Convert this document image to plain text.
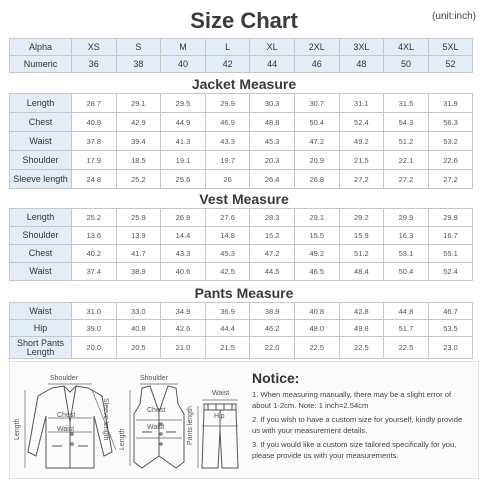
Size Chart	(unit:inch)
Alpha	XS	S	M	L	XL	2XL	3XL	4XL	5XL
Numeric	36	38	40	42	44	46	48	50	52
Jacket Measure
Length	28.7	29.1	29.5	29.9	30.3	30.7	31.1	31.5	31.9
Chest	40.9	42.9	44.9	46.9	48.8	50.4	52.4	54.3	56.3
Waist	37.8	39.4	41.3	43.3	45.3	47.2	49.2	51.2	53.2
Shoulder	17.9	18.5	19.1	19.7	20.3	20.9	21.5	22.1	22.6
Sleeve length	24.8	25.2	25.6	26	26.4	26.8	27.2	27.2	27.2
Vest Measure
Length	25.2	25.9	26.8	27.6	28.3	29.1	29.2	29.9	29.9
Shoulder	13.6	13.9	14.4	14.8	15.2	15.5	15.9	16.3	16.7
Chest	40.2	41.7	43.3	45.3	47.2	49.2	51.2	53.1	55.1
Waist	37.4	38.9	40.6	42.5	44.5	46.5	48.4	50.4	52.4
Pants Measure
Waist	31.0	33.0	34.9	36.9	38.9	40.8	42.8	44.8	46.7
Hip	39.0	40.8	42.6	44.4	46.2	48.0	49.8	51.7	53.5
Short Pants Length	20.0	20.5	21.0	21.5	22.0	22.5	22.5	22.5	23.0
Shoulder
Chest
Waist
Length	Sleeve length
Shoulder
Chest
Waist
Length
Waist
Hip
Pants length
Notice:
1. When measuring manually, there may be a slight error of
about 1-2cm. Note: 1 inch=2.54cm
2. If you wish to have a custom size for yourself, kindly provide
us with your measurement details.
3. If you would like a custom size tailored specifically for you,
please provide us with your measurements.
